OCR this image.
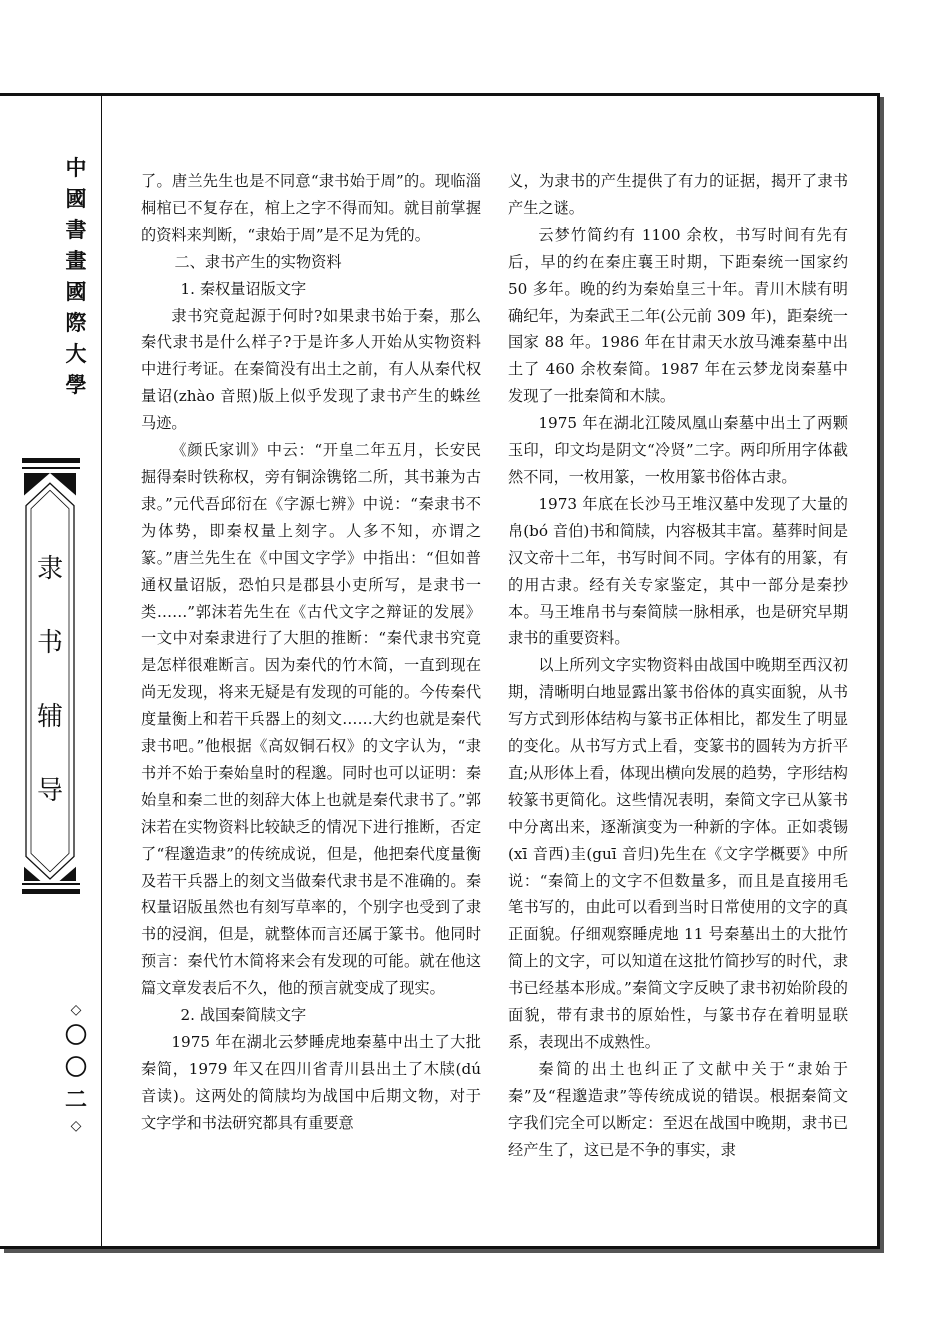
中
國
書
畫
國
際
大
學
隶
书
辅
导
◇
〇
〇
二
◇

了。唐兰先生也是不同意“隶书始于周”的。现临淄桐棺已不复存在，棺上之字不得而知。就目前掌握的资料来判断，“隶始于周”是不足为凭的。

二、隶书产生的实物资料

1. 秦权量诏版文字

隶书究竟起源于何时?如果隶书始于秦，那么秦代隶书是什么样子?于是许多人开始从实物资料中进行考证。在秦简没有出土之前，有人从秦代权量诏(zhào 音照)版上似乎发现了隶书产生的蛛丝马迹。

《颜氏家训》中云：“开皇二年五月，长安民掘得秦时铁称权，旁有铜涂镌铭二所，其书兼为古隶。”元代吾邱衍在《字源七辨》中说：“秦隶书不为体势，即秦权量上刻字。人多不知，亦谓之篆。”唐兰先生在《中国文字学》中指出：“但如普通权量诏版，恐怕只是郡县小吏所写，是隶书一类……”郭沫若先生在《古代文字之辩证的发展》一文中对秦隶进行了大胆的推断：“秦代隶书究竟是怎样很难断言。因为秦代的竹木简，一直到现在尚无发现，将来无疑是有发现的可能的。今传秦代度量衡上和若干兵器上的刻文……大约也就是秦代隶书吧。”他根据《高奴铜石权》的文字认为，“隶书并不始于秦始皇时的程邈。同时也可以证明：秦始皇和秦二世的刻辞大体上也就是秦代隶书了。”郭沫若在实物资料比较缺乏的情况下进行推断，否定了“程邈造隶”的传统成说，但是，他把秦代度量衡及若干兵器上的刻文当做秦代隶书是不准确的。秦权量诏版虽然也有刻写草率的，个别字也受到了隶书的浸润，但是，就整体而言还属于篆书。他同时预言：秦代竹木简将来会有发现的可能。就在他这篇文章发表后不久，他的预言就变成了现实。

2. 战国秦简牍文字

1975 年在湖北云梦睡虎地秦墓中出土了大批秦简，1979 年又在四川省青川县出土了木牍(dú 音读)。这两处的简牍均为战国中后期文物，对于文字学和书法研究都具有重要意

义，为隶书的产生提供了有力的证据，揭开了隶书产生之谜。

云梦竹简约有 1100 余枚，书写时间有先有后，早的约在秦庄襄王时期，下距秦统一国家约 50 多年。晚的约为秦始皇三十年。青川木牍有明确纪年，为秦武王二年(公元前 309 年)，距秦统一国家 88 年。1986 年在甘肃天水放马滩秦墓中出土了 460 余枚秦简。1987 年在云梦龙岗秦墓中发现了一批秦简和木牍。

1975 年在湖北江陵凤凰山秦墓中出土了两颗玉印，印文均是阴文“冷贤”二字。两印所用字体截然不同，一枚用篆，一枚用篆书俗体古隶。

1973 年底在长沙马王堆汉墓中发现了大量的帛(bó 音伯)书和简牍，内容极其丰富。墓葬时间是汉文帝十二年，书写时间不同。字体有的用篆，有的用古隶。经有关专家鉴定，其中一部分是秦抄本。马王堆帛书与秦简牍一脉相承，也是研究早期隶书的重要资料。

以上所列文字实物资料由战国中晚期至西汉初期，清晰明白地显露出篆书俗体的真实面貌，从书写方式到形体结构与篆书正体相比，都发生了明显的变化。从书写方式上看，变篆书的圆转为方折平直;从形体上看，体现出横向发展的趋势，字形结构较篆书更简化。这些情况表明，秦简文字已从篆书中分离出来，逐渐演变为一种新的字体。正如裘锡(xī 音西)圭(guī 音归)先生在《文字学概要》中所说：“秦简上的文字不但数量多，而且是直接用毛笔书写的，由此可以看到当时日常使用的文字的真正面貌。仔细观察睡虎地 11 号秦墓出土的大批竹简上的文字，可以知道在这批竹简抄写的时代，隶书已经基本形成。”秦简文字反映了隶书初始阶段的面貌，带有隶书的原始性，与篆书存在着明显联系，表现出不成熟性。

秦简的出土也纠正了文献中关于“隶始于秦”及“程邈造隶”等传统成说的错误。根据秦简文字我们完全可以断定：至迟在战国中晚期，隶书已经产生了，这已是不争的事实，隶
